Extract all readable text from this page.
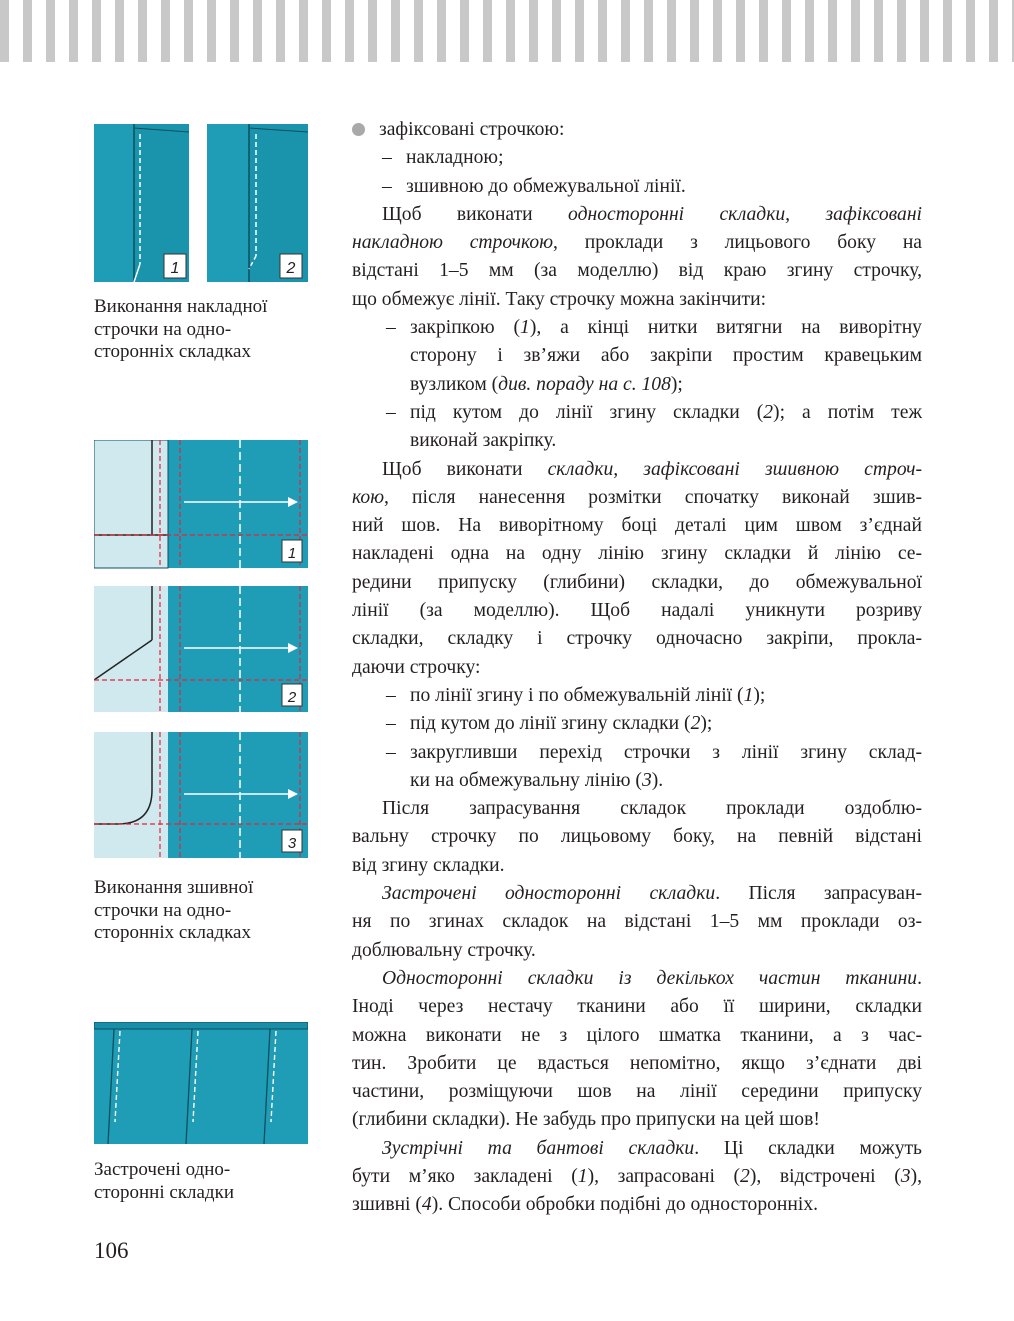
1	2
Виконання накладної
строчки на одно-
сторонніх складках
1
2
3
Виконання зшивної
строчки на одно-
сторонніх складках
Застрочені одно-
сторонні складки
106
зафіксовані строчкою:
– накладною;
– зшивною до обмежувальної лінії.
Щоб виконати односторонні складки, зафіксовані
накладною строчкою, проклади з лицьового боку на
відстані 1–5 мм (за моделлю) від краю згину строчку,
що обмежує лінії. Таку строчку можна закінчити:
– закріпкою (1), а кінці нитки витягни на виворітну
сторону і зв’яжи або закріпи простим кравецьким
вузликом (див. пораду на с. 108);
– під кутом до лінії згину складки (2); а потім теж
виконай закріпку.
Щоб виконати складки, зафіксовані зшивною строч-
кою, після нанесення розмітки спочатку виконай зшив-
ний шов. На виворітному боці деталі цим швом з’єднай
накладені одна на одну лінію згину складки й лінію се-
редини припуску (глибини) складки, до обмежувальної
лінії (за моделлю). Щоб надалі уникнути розриву
складки, складку і строчку одночасно закріпи, прокла-
даючи строчку:
– по лінії згину і по обмежувальній лінії (1);
– під кутом до лінії згину складки (2);
– закругливши перехід строчки з лінії згину склад-
ки на обмежувальну лінію (3).
Після запрасування складок проклади оздоблю-
вальну строчку по лицьовому боку, на певній відстані
від згину складки.
Застрочені односторонні складки. Після запрасуван-
ня по згинах складок на відстані 1–5 мм проклади оз-
доблювальну строчку.
Односторонні складки із декількох частин тканини.
Іноді через нестачу тканини або її ширини, складки
можна виконати не з цілого шматка тканини, а з час-
тин. Зробити це вдасться непомітно, якщо з’єднати дві
частини, розміщуючи шов на лінії середини припуску
(глибини складки). Не забудь про припуски на цей шов!
Зустрічні та бантові складки. Ці складки можуть
бути м’яко закладені (1), запрасовані (2), відстрочені (3),
зшивні (4). Способи обробки подібні до односторонніх.
